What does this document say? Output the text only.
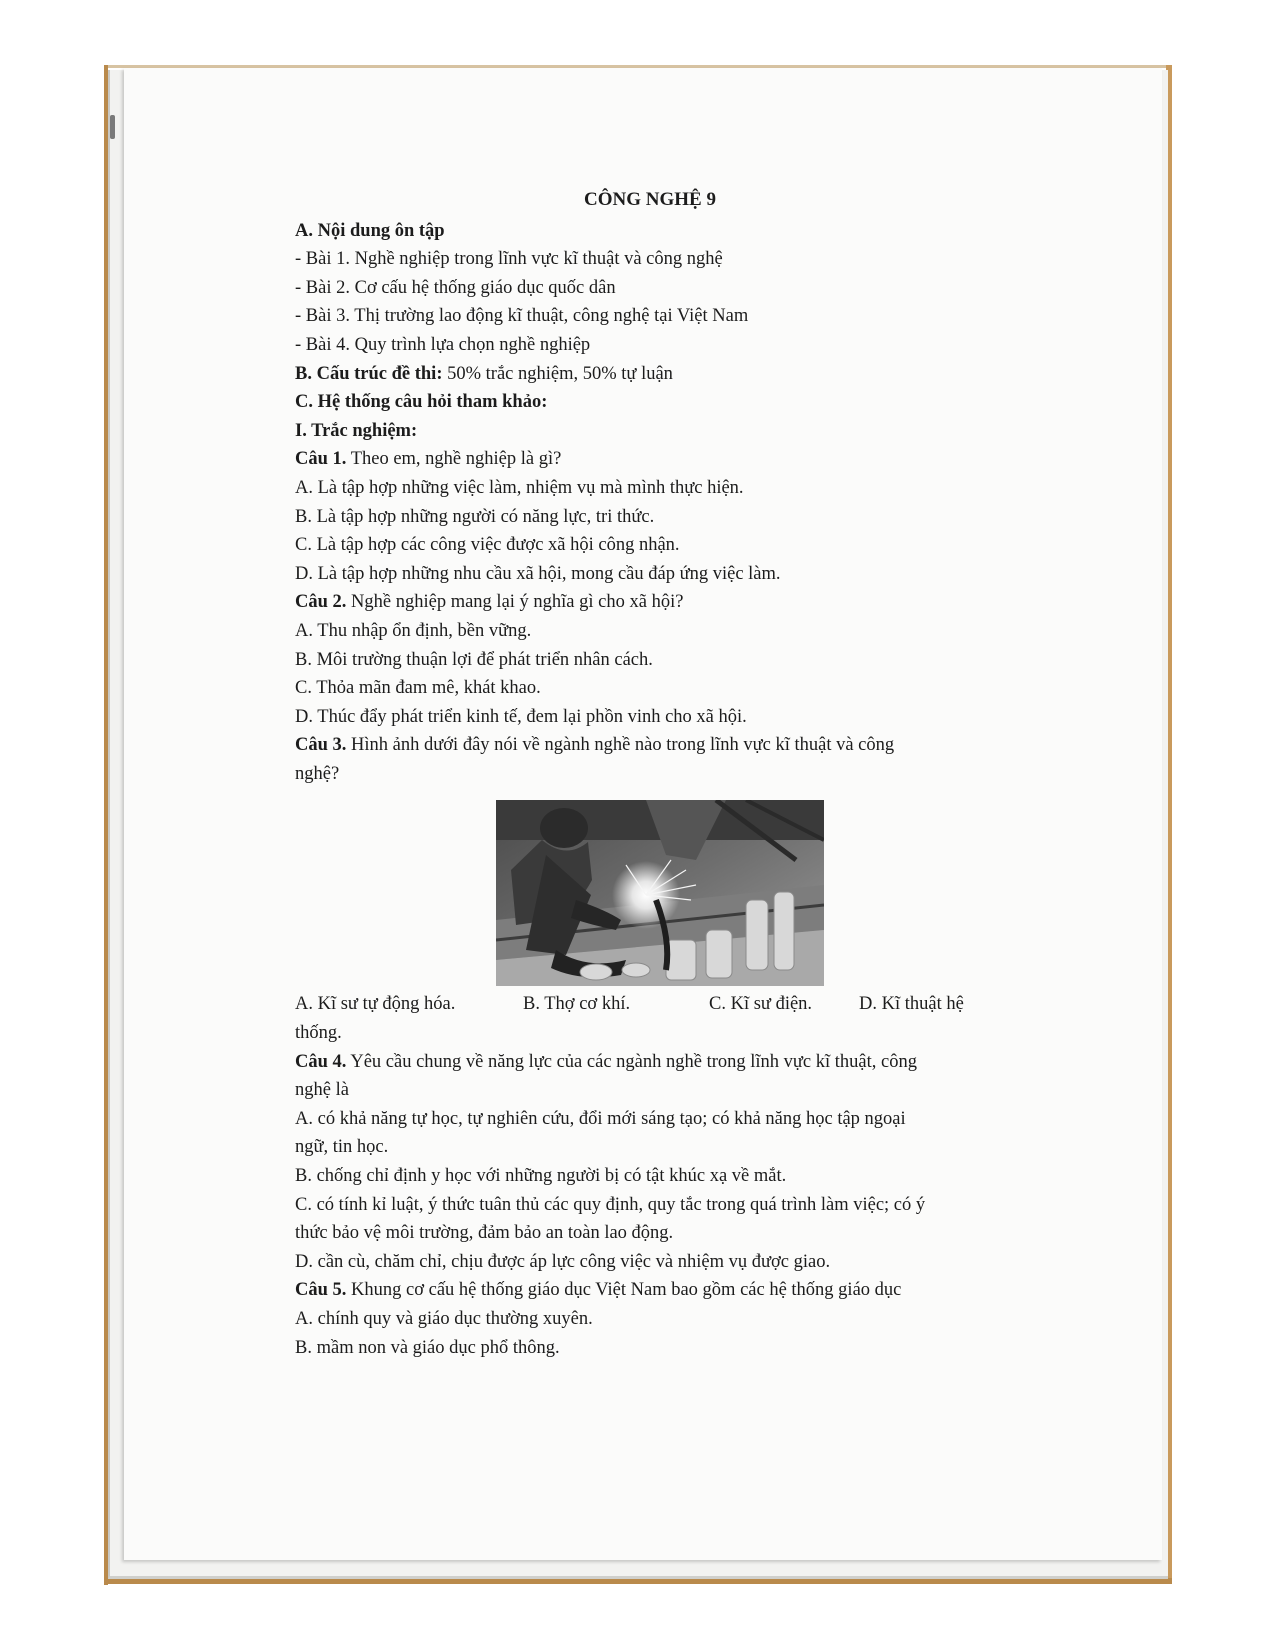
CÔNG NGHỆ 9
A. Nội dung ôn tập
- Bài 1. Nghề nghiệp trong lĩnh vực kĩ thuật và công nghệ
- Bài 2. Cơ cấu hệ thống giáo dục quốc dân
- Bài 3. Thị trường lao động kĩ thuật, công nghệ tại Việt Nam
- Bài 4. Quy trình lựa chọn nghề nghiệp
B. Cấu trúc đề thi: 50% trắc nghiệm, 50% tự luận
C. Hệ thống câu hỏi tham khảo:
I. Trắc nghiệm:
Câu 1. Theo em, nghề nghiệp là gì?
A. Là tập hợp những việc làm, nhiệm vụ mà mình thực hiện.
B. Là tập hợp những người có năng lực, tri thức.
C. Là tập hợp các công việc được xã hội công nhận.
D. Là tập hợp những nhu cầu xã hội, mong cầu đáp ứng việc làm.
Câu 2. Nghề nghiệp mang lại ý nghĩa gì cho xã hội?
A. Thu nhập ổn định, bền vững.
B. Môi trường thuận lợi để phát triển nhân cách.
C. Thỏa mãn đam mê, khát khao.
D. Thúc đẩy phát triển kinh tế, đem lại phồn vinh cho xã hội.
Câu 3. Hình ảnh dưới đây nói về ngành nghề nào trong lĩnh vực kĩ thuật và công
nghệ?
A. Kĩ sư tự động hóa.	B. Thợ cơ khí.	C. Kĩ sư điện.	D. Kĩ thuật hệ
thống.
Câu 4. Yêu cầu chung về năng lực của các ngành nghề trong lĩnh vực kĩ thuật, công
nghệ là
A. có khả năng tự học, tự nghiên cứu, đổi mới sáng tạo; có khả năng học tập ngoại
ngữ, tin học.
B. chống chỉ định y học với những người bị có tật khúc xạ về mắt.
C. có tính kỉ luật, ý thức tuân thủ các quy định, quy tắc trong quá trình làm việc; có ý
thức bảo vệ môi trường, đảm bảo an toàn lao động.
D. cần cù, chăm chỉ, chịu được áp lực công việc và nhiệm vụ được giao.
Câu 5. Khung cơ cấu hệ thống giáo dục Việt Nam bao gồm các hệ thống giáo dục
A. chính quy và giáo dục thường xuyên.
B. mầm non và giáo dục phổ thông.
